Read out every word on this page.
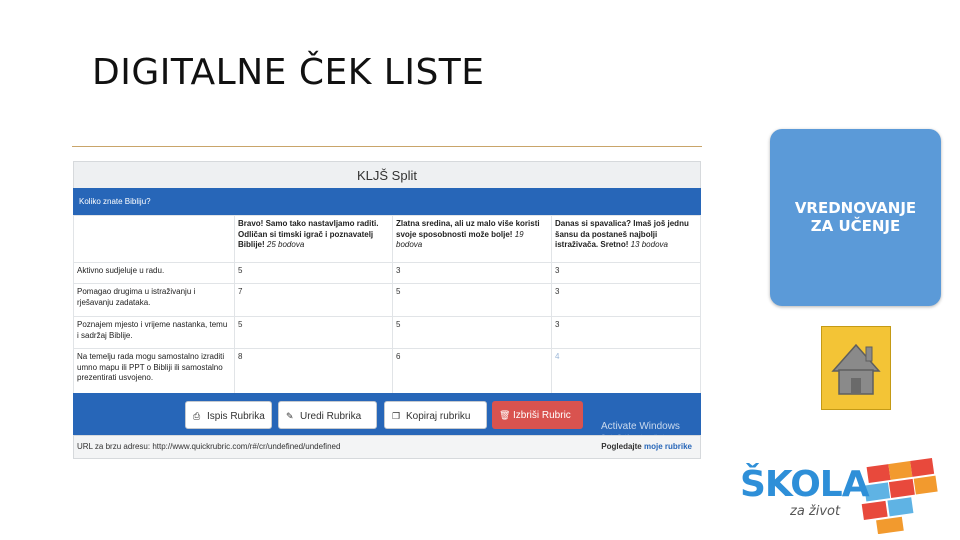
DIGITALNE ČEK LISTE
KLJŠ Split
Koliko znate Bibliju?
	Bravo! Samo tako nastavljamo raditi. Odličan si timski igrač i poznavatelj Biblije! 25 bodova	Zlatna sredina, ali uz malo više koristi svoje sposobnosti može bolje! 19 bodova	Danas si spavalica? Imaš još jednu šansu da postaneš najbolji istraživača. Sretno! 13 bodova
Aktivno sudjeluje u radu.	5	3	3
Pomagao drugima u istraživanju i rješavanju zadataka.	7	5	3
Poznajem mjesto i vrijeme nastanka, temu i sadržaj Biblije.	5	5	3
Na temelju rada mogu samostalno izraditi umno mapu ili PPT o Bibliji ili samostalno prezentirati usvojeno.	8	6	4
⎙ Ispis Rubrika	✎ Uredi Rubrika	❐ Kopiraj rubriku	🗑 Izbriši Rubric
Activate Windows
URL za brzu adresu: http://www.quickrubric.com/r#/cr/undefined/undefined	Pogledajte moje rubrike
VREDNOVANJE
ZA UČENJE
ŠKOLA
za život
